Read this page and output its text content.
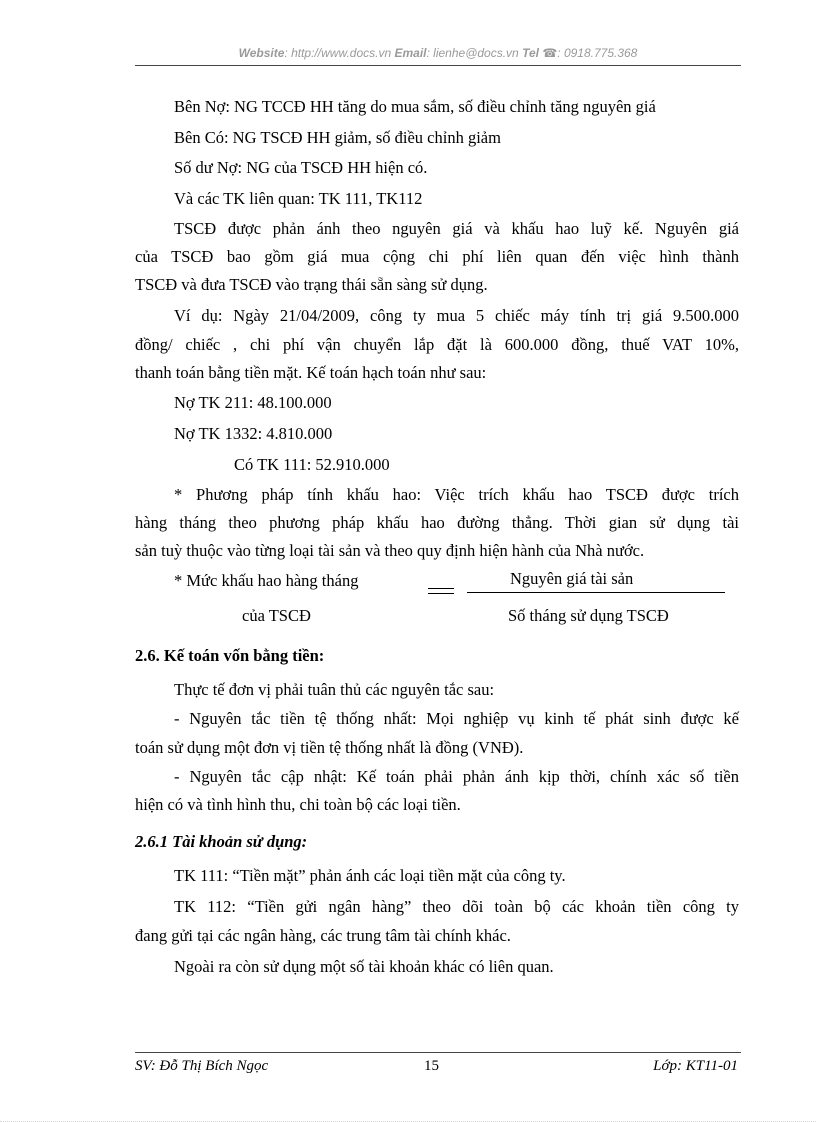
Website: http://www.docs.vn Email: lienhe@docs.vn Tel ☎: 0918.775.368
Bên Nợ: NG TCCĐ HH tăng do mua sắm, số điều chỉnh tăng nguyên giá
Bên Có: NG TSCĐ HH giảm, số điều chỉnh giảm
Số dư Nợ: NG của TSCĐ HH hiện có.
Và các TK liên quan: TK 111, TK112
TSCĐ được phản ánh theo nguyên giá và khấu hao luỹ kế. Nguyên giá
của TSCĐ bao gồm giá mua cộng chi phí liên quan đến việc hình thành
TSCĐ và đưa TSCĐ vào trạng thái sẵn sàng sử dụng.
Ví dụ: Ngày 21/04/2009, công ty mua 5 chiếc máy tính trị giá 9.500.000
đồng/ chiếc , chi phí vận chuyển lắp đặt là 600.000 đồng, thuế VAT 10%,
thanh toán bằng tiền mặt. Kế toán hạch toán như sau:
Nợ TK 211: 48.100.000
Nợ TK 1332: 4.810.000
Có TK 111: 52.910.000
* Phương pháp tính khấu hao: Việc trích khấu hao TSCĐ được trích
hàng tháng theo phương pháp khấu hao đường thẳng. Thời gian sử dụng tài
sản tuỳ thuộc vào từng loại tài sản và theo quy định hiện hành của Nhà nước.
* Mức khấu hao hàng tháng	Nguyên giá tài sản
của TSCĐ	Số tháng sử dụng TSCĐ
2.6. Kế toán vốn bằng tiền:
Thực tế đơn vị phải tuân thủ các nguyên tắc sau:
- Nguyên tắc tiền tệ thống nhất: Mọi nghiệp vụ kinh tế phát sinh được kế
toán sử dụng một đơn vị tiền tệ thống nhất là đồng (VNĐ).
- Nguyên tắc cập nhật: Kế toán phải phản ánh kịp thời, chính xác số tiền
hiện có và tình hình thu, chi toàn bộ các loại tiền.
2.6.1 Tài khoản sử dụng:
TK 111: “Tiền mặt” phản ánh các loại tiền mặt của công ty.
TK 112: “Tiền gửi ngân hàng” theo dõi toàn bộ các khoản tiền công ty
đang gửi tại các ngân hàng, các trung tâm tài chính khác.
Ngoài ra còn sử dụng một số tài khoản khác có liên quan.
SV: Đỗ Thị Bích Ngọc	15	Lớp: KT11-01
